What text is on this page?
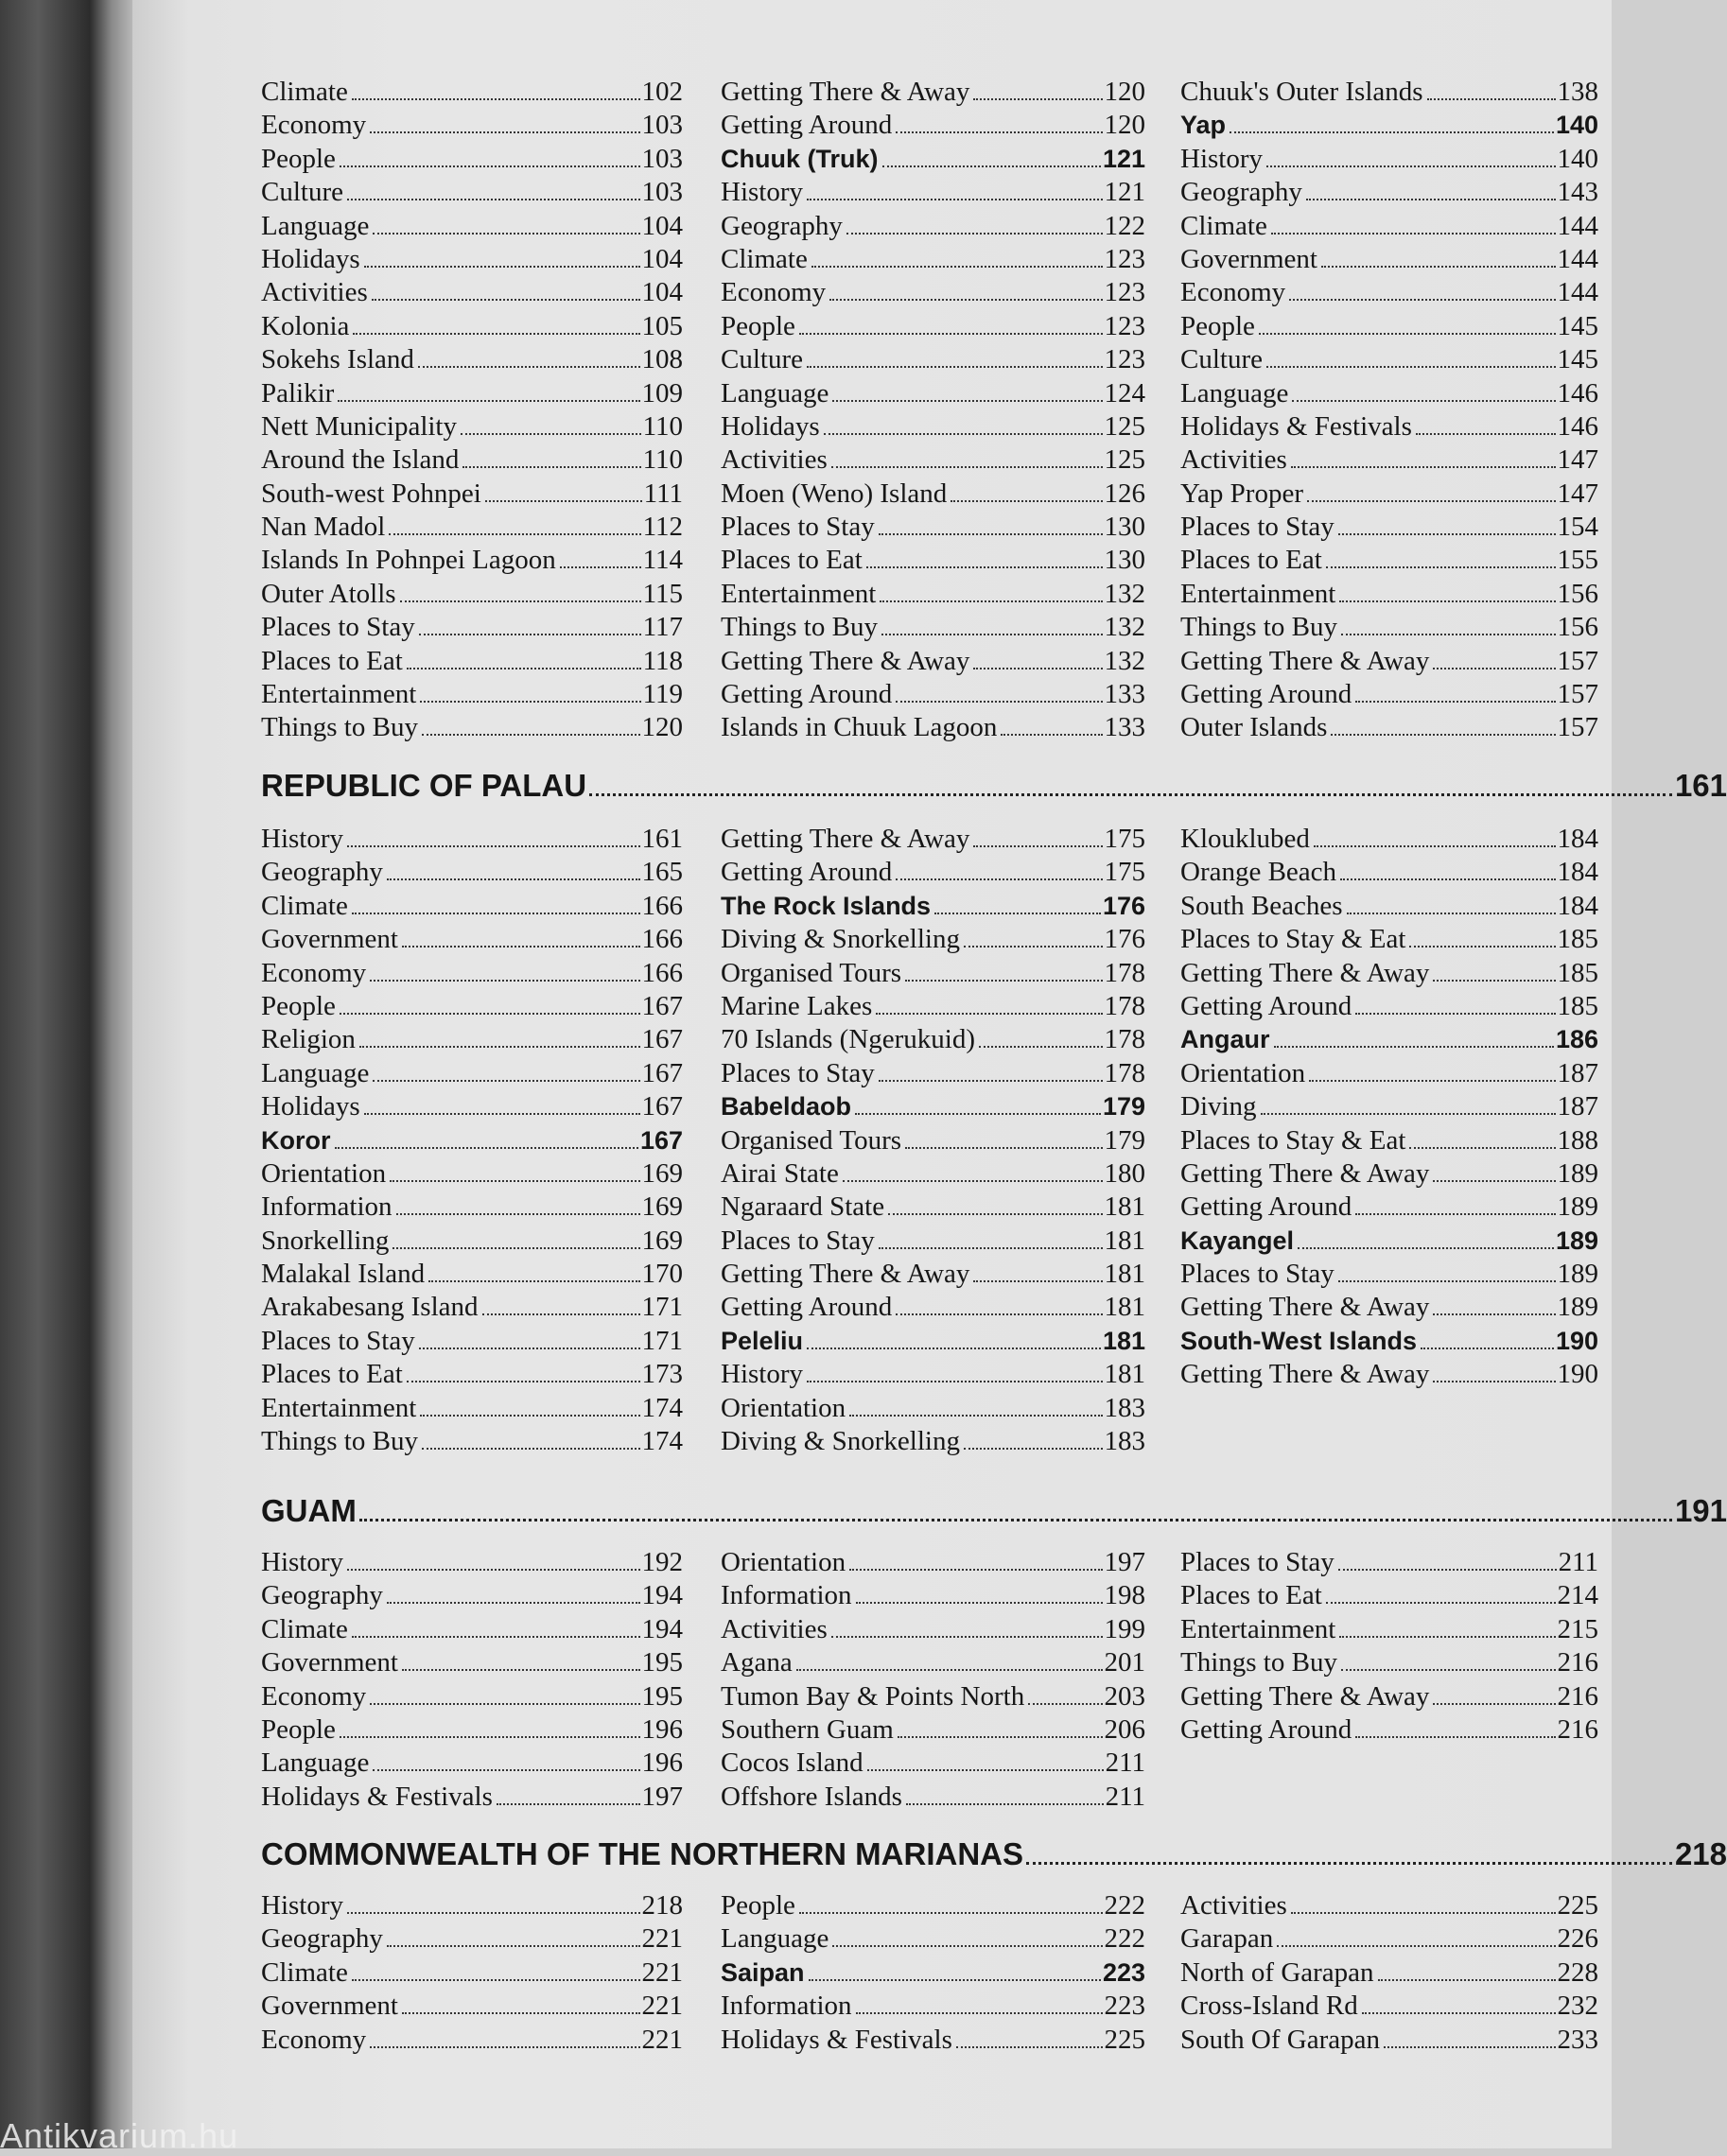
Climate	102
Economy	103
People	103
Culture	103
Language	104
Holidays	104
Activities	104
Kolonia	105
Sokehs Island	108
Palikir	109
Nett Municipality	110
Around the Island	110
South-west Pohnpei	111
Nan Madol	112
Islands In Pohnpei Lagoon	114
Outer Atolls	115
Places to Stay	117
Places to Eat	118
Entertainment	119
Things to Buy	120
Getting There & Away	120
Getting Around	120
Chuuk (Truk)	121
History	121
Geography	122
Climate	123
Economy	123
People	123
Culture	123
Language	124
Holidays	125
Activities	125
Moen (Weno) Island	126
Places to Stay	130
Places to Eat	130
Entertainment	132
Things to Buy	132
Getting There & Away	132
Getting Around	133
Islands in Chuuk Lagoon	133
Chuuk's Outer Islands	138
Yap	140
History	140
Geography	143
Climate	144
Government	144
Economy	144
People	145
Culture	145
Language	146
Holidays & Festivals	146
Activities	147
Yap Proper	147
Places to Stay	154
Places to Eat	155
Entertainment	156
Things to Buy	156
Getting There & Away	157
Getting Around	157
Outer Islands	157
REPUBLIC OF PALAU	161
History	161
Geography	165
Climate	166
Government	166
Economy	166
People	167
Religion	167
Language	167
Holidays	167
Koror	167
Orientation	169
Information	169
Snorkelling	169
Malakal Island	170
Arakabesang Island	171
Places to Stay	171
Places to Eat	173
Entertainment	174
Things to Buy	174
Getting There & Away	175
Getting Around	175
The Rock Islands	176
Diving & Snorkelling	176
Organised Tours	178
Marine Lakes	178
70 Islands (Ngerukuid)	178
Places to Stay	178
Babeldaob	179
Organised Tours	179
Airai State	180
Ngaraard State	181
Places to Stay	181
Getting There & Away	181
Getting Around	181
Peleliu	181
History	181
Orientation	183
Diving & Snorkelling	183
Klouklubed	184
Orange Beach	184
South Beaches	184
Places to Stay & Eat	185
Getting There & Away	185
Getting Around	185
Angaur	186
Orientation	187
Diving	187
Places to Stay & Eat	188
Getting There & Away	189
Getting Around	189
Kayangel	189
Places to Stay	189
Getting There & Away	189
South-West Islands	190
Getting There & Away	190
GUAM	191
History	192
Geography	194
Climate	194
Government	195
Economy	195
People	196
Language	196
Holidays & Festivals	197
Orientation	197
Information	198
Activities	199
Agana	201
Tumon Bay & Points North	203
Southern Guam	206
Cocos Island	211
Offshore Islands	211
Places to Stay	211
Places to Eat	214
Entertainment	215
Things to Buy	216
Getting There & Away	216
Getting Around	216
COMMONWEALTH OF THE NORTHERN MARIANAS	218
History	218
Geography	221
Climate	221
Government	221
Economy	221
People	222
Language	222
Saipan	223
Information	223
Holidays & Festivals	225
Activities	225
Garapan	226
North of Garapan	228
Cross-Island Rd	232
South Of Garapan	233
Antikvarium.hu
